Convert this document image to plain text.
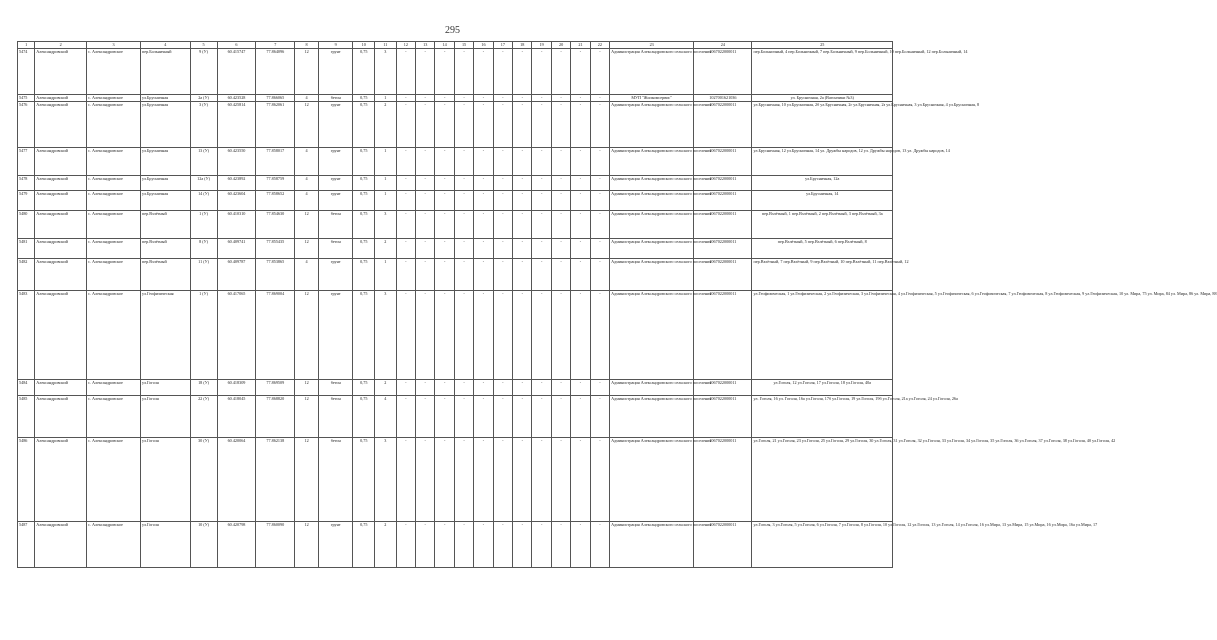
295
1	2	3	4	5	6	7	8	9	10	11	12	13	14	15	16	17	18	19	20	21	22	23	24	25
5474	Александровский	с. Александровское	пер.Больничный	9 (У)	60.415747	77.864096	12	грунт	0,75	3	-	-	-	-	-	-	-	-	-	-	-	Администрация Александровского сельского поселения	1067022000011	пер.Больничный, 4 пер.Больничный, 7 пер.Больничный, 9 пер.Больничный, 10 пер.Больничный, 12 пер.Больничный, 14
5475	Александровский	с. Александровское	ул.Брусничная	2а (У)	60.423528	77.866065	4	бетон	0,75	1	-	-	-	-	-	-	-	-	-	-	-	МУП "Жилкомсервис"	1027001621036	ул. Брусничная, 2а (Вагончики №3)
5476	Александровский	с. Александровское	ул.Брусничная	3 (У)	60.425814	77.862061	12	грунт	0,75	2	-	-	-	-	-	-	-	-	-	-	-	Администрация Александровского сельского поселения	1067022000011	ул.Брусничная, 10 ул.Брусничная, 2б ул.Брусничная, 2г ул.Брусничная, 2з ул.Брусничная, 3 ул.Брусничная, 4 ул.Брусничная, 8
5477	Александровский	с. Александровское	ул.Брусничная	13 (У)	60.423550	77.858017	4	грунт	0,75	1	-	-	-	-	-	-	-	-	-	-	-	Администрация Александровского сельского поселения	1067022000011	ул.Брусничная, 12 ул.Брусничная, 14 ул. Дружбы народов, 12 ул. Дружбы народов, 13 ул. Дружбы народов, 14
5478	Александровский	с. Александровское	ул.Брусничная	12а (У)	60.423892	77.858759	4	грунт	0,75	1	-	-	-	-	-	-	-	-	-	-	-	Администрация Александровского сельского поселения	1067022000011	ул.Брусничная, 12а
5479	Александровский	с. Александровское	ул.Брусничная	14 (У)	60.423604	77.858652	4	грунт	0,75	1	-	-	-	-	-	-	-	-	-	-	-	Администрация Александровского сельского поселения	1067022000011	ул.Брусничная, 14
5480	Александровский	с. Александровское	пер.Взлётный	1 (У)	60.410310	77.854630	12	бетон	0,75	3	-	-	-	-	-	-	-	-	-	-	-	Администрация Александровского сельского поселения	1067022000011	пер.Взлётный, 1 пер.Взлётный, 2 пер.Взлётный, 3 пер.Взлётный, 3а
5481	Александровский	с. Александровское	пер.Взлётный	8 (У)	60.409741	77.855435	12	бетон	0,75	2	-	-	-	-	-	-	-	-	-	-	-	Администрация Александровского сельского поселения	1067022000011	пер.Взлётный, 5 пер.Взлётный, 6 пер.Взлётный, 8
5482	Александровский	с. Александровское	пер.Взлётный	11 (У)	60.409787	77.853865	4	грунт	0,75	1	-	-	-	-	-	-	-	-	-	-	-	Администрация Александровского сельского поселения	1067022000011	пер.Взлётный, 7 пер.Взлётный, 9 пер.Взлётный, 10 пер.Взлётный, 11 пер.Взлётный, 12
5483	Александровский	с. Александровское	ул.Геофизическая	1 (У)	60.417065	77.869004	12	грунт	0,75	3	-	-	-	-	-	-	-	-	-	-	-	Администрация Александровского сельского поселения	1067022000011	ул.Геофизическая, 1 ул.Геофизическая, 2 ул.Геофизическая, 3 ул.Геофизическая, 4 ул.Геофизическая, 5 ул.Геофизическая, 6 ул.Геофизическая, 7 ул.Геофизическая, 8 ул.Геофизическая, 9 ул.Геофизическая, 10 ул. Мира, 75 ул. Мира, 84 ул. Мира, 86 ул. Мира, 88
5484	Александровский	с. Александровское	ул.Гоголя	18 (У)	60.418309	77.869509	12	бетон	0,75	2	-	-	-	-	-	-	-	-	-	-	-	Администрация Александровского сельского поселения	1067022000011	ул.Гоголя, 12 ул.Гоголя, 17 ул.Гоголя, 18 ул.Гоголя, 40а
5485	Александровский	с. Александровское	ул.Гоголя	22 (У)	60.418045	77.868820	12	бетон	0,75	4	-	-	-	-	-	-	-	-	-	-	-	Администрация Александровского сельского поселения	1067022000011	ул. Гоголя, 16 ул. Гоголя, 16а ул.Гоголя, 17б ул.Гоголя, 19 ул.Гоголя, 19б ул.Гоголя, 21а ул.Гоголя, 24 ул.Гоголя, 26а
5486	Александровский	с. Александровское	ул.Гоголя	30 (У)	60.420064	77.862138	12	бетон	0,75	3	-	-	-	-	-	-	-	-	-	-	-	Администрация Александровского сельского поселения	1067022000011	ул.Гоголя, 21 ул.Гоголя, 23 ул.Гоголя, 25 ул.Гоголя, 29 ул.Гоголя, 30 ул.Гоголя, 31 ул.Гоголя, 32 ул.Гоголя, 33 ул.Гоголя, 34 ул.Гоголя, 35 ул.Гоголя, 36 ул.Гоголя, 37 ул.Гоголя, 38 ул.Гоголя, 40 ул.Гоголя, 42
5487	Александровский	с. Александровское	ул.Гоголя	10 (У)	60.420798	77.860090	12	грунт	0,75	2	-	-	-	-	-	-	-	-	-	-	-	Администрация Александровского сельского поселения	1067022000011	ул.Гоголя, 3 ул.Гоголя, 5 ул.Гоголя, 6 ул.Гоголя, 7 ул.Гоголя, 8 ул.Гоголя, 10 ул.Гоголя, 12 ул.Гоголя, 13 ул.Гоголя, 14 ул.Гоголя, 16 ул.Мира, 13 ул.Мира, 15 ул.Мира, 16 ул.Мира, 16а ул.Мира, 17
